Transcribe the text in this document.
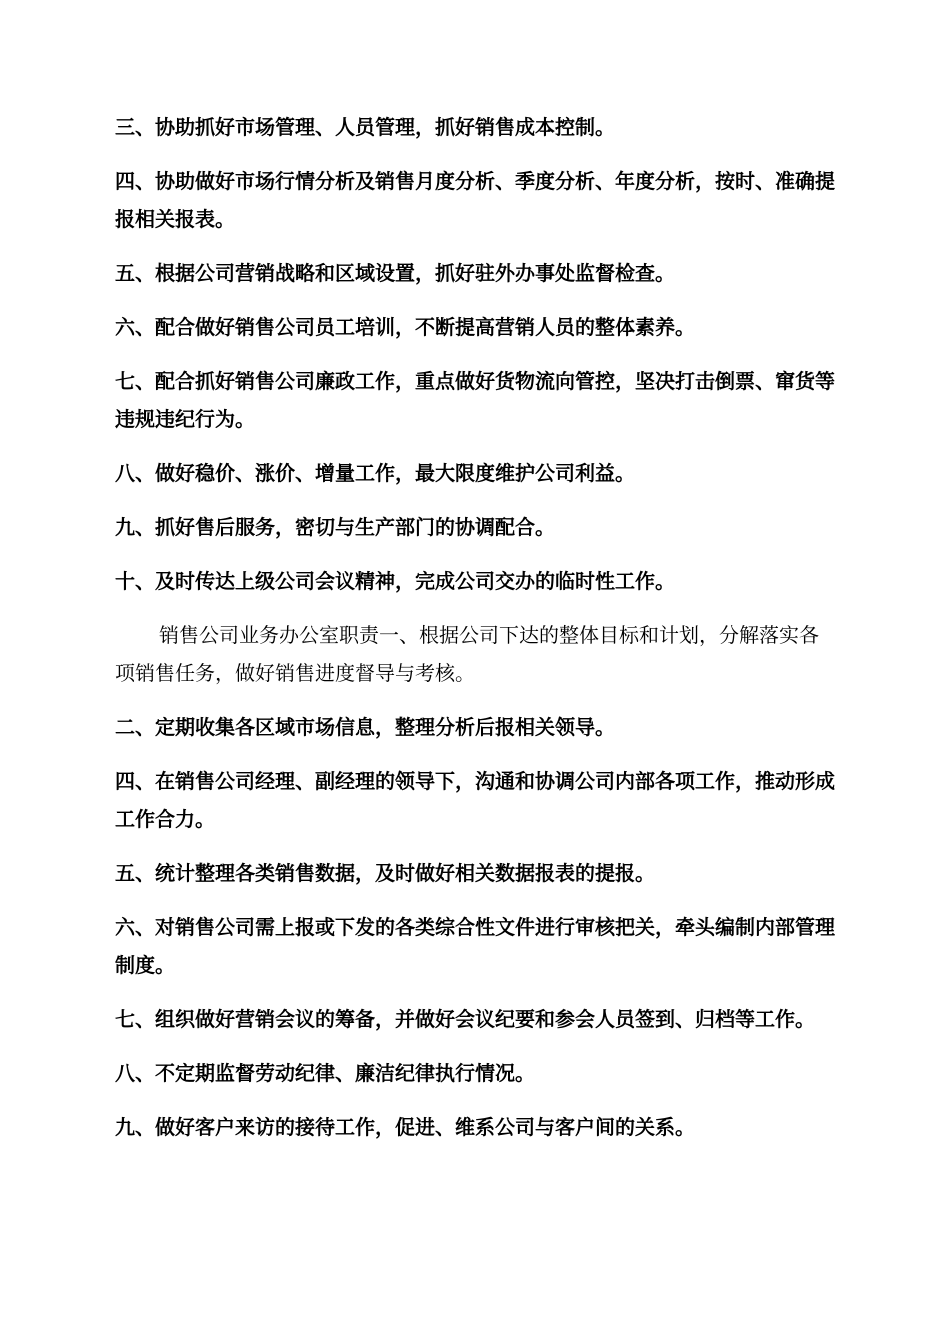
三、协助抓好市场管理、人员管理，抓好销售成本控制。

四、协助做好市场行情分析及销售月度分析、季度分析、年度分析，按时、准确提报相关报表。

五、根据公司营销战略和区域设置，抓好驻外办事处监督检查。

六、配合做好销售公司员工培训，不断提高营销人员的整体素养。

七、配合抓好销售公司廉政工作，重点做好货物流向管控，坚决打击倒票、窜货等违规违纪行为。

八、做好稳价、涨价、增量工作，最大限度维护公司利益。

九、抓好售后服务，密切与生产部门的协调配合。

十、及时传达上级公司会议精神，完成公司交办的临时性工作。

销售公司业务办公室职责一、根据公司下达的整体目标和计划，分解落实各项销售任务，做好销售进度督导与考核。

二、定期收集各区域市场信息，整理分析后报相关领导。

四、在销售公司经理、副经理的领导下，沟通和协调公司内部各项工作，推动形成工作合力。

五、统计整理各类销售数据，及时做好相关数据报表的提报。

六、对销售公司需上报或下发的各类综合性文件进行审核把关，牵头编制内部管理制度。

七、组织做好营销会议的筹备，并做好会议纪要和参会人员签到、归档等工作。

八、不定期监督劳动纪律、廉洁纪律执行情况。

九、做好客户来访的接待工作，促进、维系公司与客户间的关系。
